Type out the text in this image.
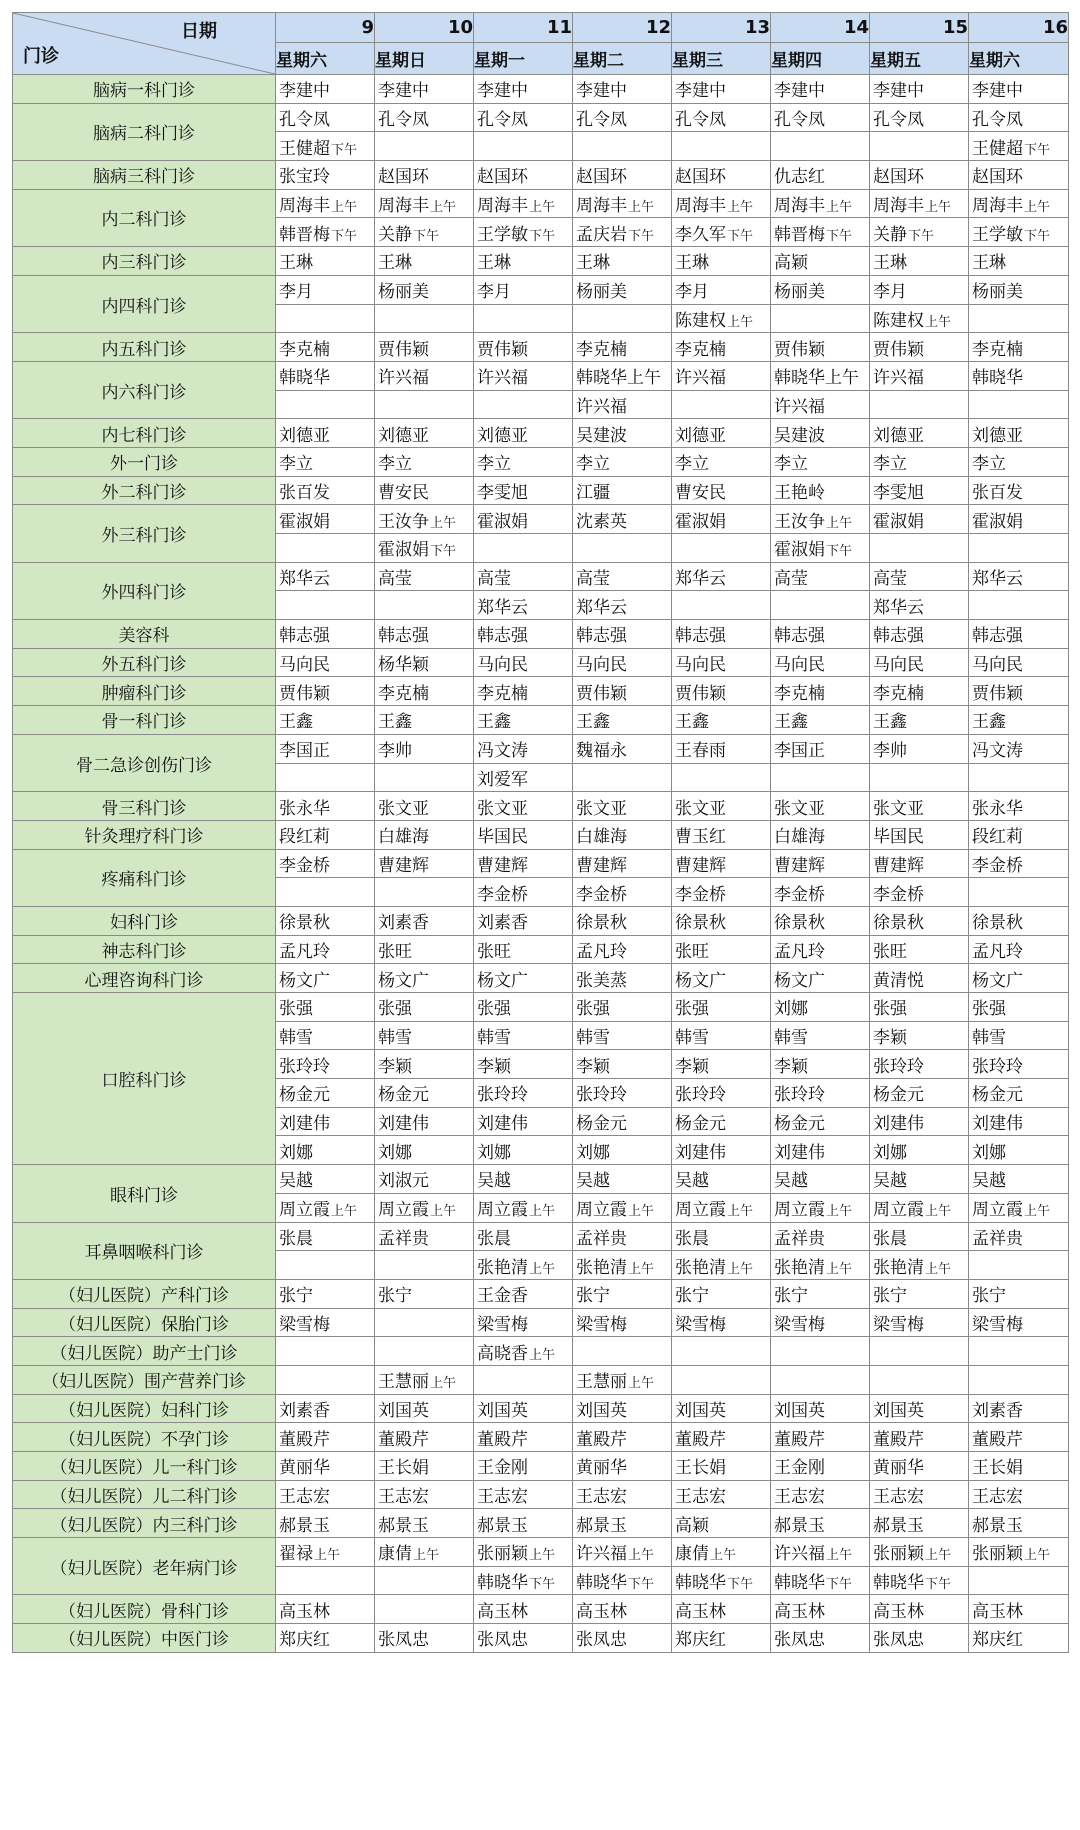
日期
门诊	9	10	11	12	13	14	15	16
	星期六	星期日	星期一	星期二	星期三	星期四	星期五	星期六
脑病一科门诊	李建中	李建中	李建中	李建中	李建中	李建中	李建中	李建中
脑病二科门诊	孔令凤	孔令凤	孔令凤	孔令凤	孔令凤	孔令凤	孔令凤	孔令凤
	王健超下午							王健超下午
脑病三科门诊	张宝玲	赵国环	赵国环	赵国环	赵国环	仇志红	赵国环	赵国环
内二科门诊	周海丰上午	周海丰上午	周海丰上午	周海丰上午	周海丰上午	周海丰上午	周海丰上午	周海丰上午
	韩晋梅下午	关静下午	王学敏下午	孟庆岩下午	李久军下午	韩晋梅下午	关静下午	王学敏下午
内三科门诊	王琳	王琳	王琳	王琳	王琳	高颖	王琳	王琳
内四科门诊	李月	杨丽美	李月	杨丽美	李月	杨丽美	李月	杨丽美
					陈建权上午		陈建权上午	
内五科门诊	李克楠	贾伟颖	贾伟颖	李克楠	李克楠	贾伟颖	贾伟颖	李克楠
内六科门诊	韩晓华	许兴福	许兴福	韩晓华上午	许兴福	韩晓华上午	许兴福	韩晓华
				许兴福		许兴福		
内七科门诊	刘德亚	刘德亚	刘德亚	吴建波	刘德亚	吴建波	刘德亚	刘德亚
外一门诊	李立	李立	李立	李立	李立	李立	李立	李立
外二科门诊	张百发	曹安民	李雯旭	江疆	曹安民	王艳岭	李雯旭	张百发
外三科门诊	霍淑娟	王汝争上午	霍淑娟	沈素英	霍淑娟	王汝争上午	霍淑娟	霍淑娟
		霍淑娟下午				霍淑娟下午		
外四科门诊	郑华云	高莹	高莹	高莹	郑华云	高莹	高莹	郑华云
			郑华云	郑华云			郑华云	
美容科	韩志强	韩志强	韩志强	韩志强	韩志强	韩志强	韩志强	韩志强
外五科门诊	马向民	杨华颖	马向民	马向民	马向民	马向民	马向民	马向民
肿瘤科门诊	贾伟颖	李克楠	李克楠	贾伟颖	贾伟颖	李克楠	李克楠	贾伟颖
骨一科门诊	王鑫	王鑫	王鑫	王鑫	王鑫	王鑫	王鑫	王鑫
骨二急诊创伤门诊	李国正	李帅	冯文涛	魏福永	王春雨	李国正	李帅	冯文涛
			刘爱军					
骨三科门诊	张永华	张文亚	张文亚	张文亚	张文亚	张文亚	张文亚	张永华
针灸理疗科门诊	段红莉	白雄海	毕国民	白雄海	曹玉红	白雄海	毕国民	段红莉
疼痛科门诊	李金桥	曹建辉	曹建辉	曹建辉	曹建辉	曹建辉	曹建辉	李金桥
			李金桥	李金桥	李金桥	李金桥	李金桥	
妇科门诊	徐景秋	刘素香	刘素香	徐景秋	徐景秋	徐景秋	徐景秋	徐景秋
神志科门诊	孟凡玲	张旺	张旺	孟凡玲	张旺	孟凡玲	张旺	孟凡玲
心理咨询科门诊	杨文广	杨文广	杨文广	张美蒸	杨文广	杨文广	黄清悦	杨文广
口腔科门诊	张强	张强	张强	张强	张强	刘娜	张强	张强
	韩雪	韩雪	韩雪	韩雪	韩雪	韩雪	李颖	韩雪
	张玲玲	李颖	李颖	李颖	李颖	李颖	张玲玲	张玲玲
	杨金元	杨金元	张玲玲	张玲玲	张玲玲	张玲玲	杨金元	杨金元
	刘建伟	刘建伟	刘建伟	杨金元	杨金元	杨金元	刘建伟	刘建伟
	刘娜	刘娜	刘娜	刘娜	刘建伟	刘建伟	刘娜	刘娜
眼科门诊	吴越	刘淑元	吴越	吴越	吴越	吴越	吴越	吴越
	周立霞上午	周立霞上午	周立霞上午	周立霞上午	周立霞上午	周立霞上午	周立霞上午	周立霞上午
耳鼻咽喉科门诊	张晨	孟祥贵	张晨	孟祥贵	张晨	孟祥贵	张晨	孟祥贵
			张艳清上午	张艳清上午	张艳清上午	张艳清上午	张艳清上午	
（妇儿医院）产科门诊	张宁	张宁	王金香	张宁	张宁	张宁	张宁	张宁
（妇儿医院）保胎门诊	梁雪梅		梁雪梅	梁雪梅	梁雪梅	梁雪梅	梁雪梅	梁雪梅
（妇儿医院）助产士门诊			高晓香上午					
（妇儿医院）围产营养门诊		王慧丽上午		王慧丽上午				
（妇儿医院）妇科门诊	刘素香	刘国英	刘国英	刘国英	刘国英	刘国英	刘国英	刘素香
（妇儿医院）不孕门诊	董殿芹	董殿芹	董殿芹	董殿芹	董殿芹	董殿芹	董殿芹	董殿芹
（妇儿医院）儿一科门诊	黄丽华	王长娟	王金刚	黄丽华	王长娟	王金刚	黄丽华	王长娟
（妇儿医院）儿二科门诊	王志宏	王志宏	王志宏	王志宏	王志宏	王志宏	王志宏	王志宏
（妇儿医院）内三科门诊	郝景玉	郝景玉	郝景玉	郝景玉	高颖	郝景玉	郝景玉	郝景玉
（妇儿医院）老年病门诊	翟禄上午	康倩上午	张丽颖上午	许兴福上午	康倩上午	许兴福上午	张丽颖上午	张丽颖上午
			韩晓华下午	韩晓华下午	韩晓华下午	韩晓华下午	韩晓华下午	
（妇儿医院）骨科门诊	高玉林		高玉林	高玉林	高玉林	高玉林	高玉林	高玉林
（妇儿医院）中医门诊	郑庆红	张凤忠	张凤忠	张凤忠	郑庆红	张凤忠	张凤忠	郑庆红
